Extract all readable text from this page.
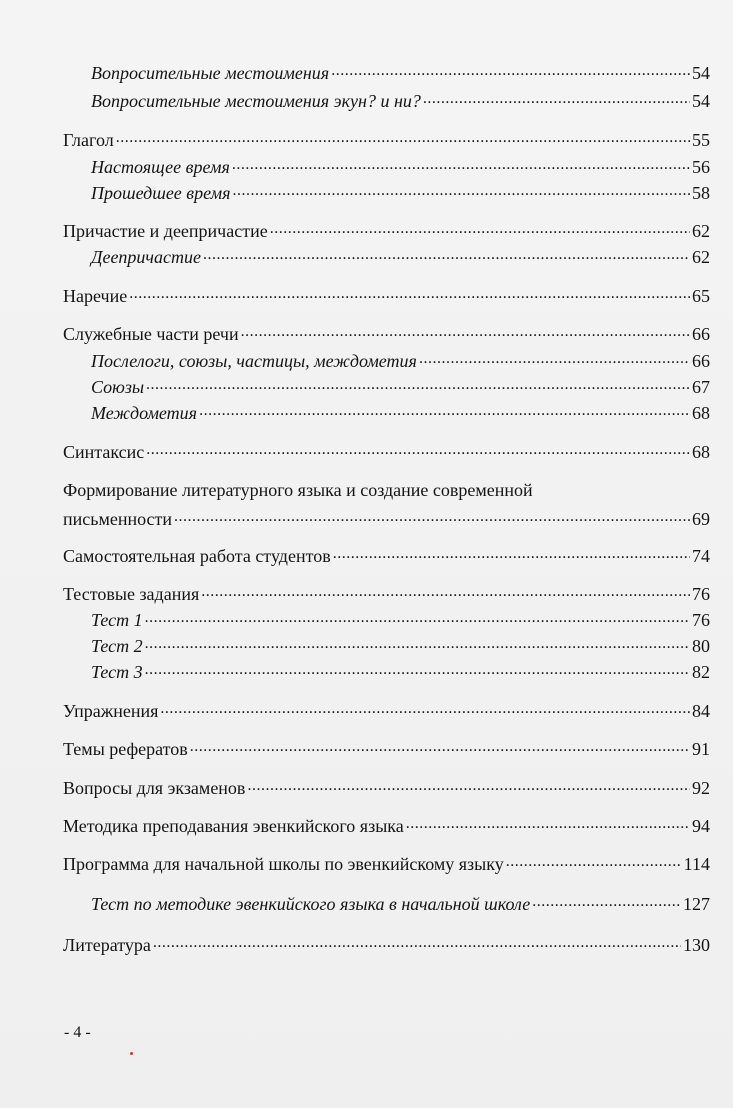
Вопросительные местоимения .....	54
Вопросительные местоимения экун? и ни? .....	54
Глагол .....	55
Настоящее время .....	56
Прошедшее время .....	58
Причастие и деепричастие .....	62
Деепричастие .....	62
Наречие .....	65
Служебные части речи .....	66
Послелоги, союзы, частицы, междометия .....	66
Союзы .....	67
Междометия .....	68
Синтаксис .....	68
Формирование литературного языка и создание современной
письменности .....	69
Самостоятельная работа студентов .....	74
Тестовые задания .....	76
Тест 1 .....	76
Тест 2 .....	80
Тест 3 .....	82
Упражнения .....	84
Темы рефератов .....	91
Вопросы для экзаменов .....	92
Методика преподавания эвенкийского языка .....	94
Программа для начальной школы по эвенкийскому языку .....	114
Тест по методике эвенкийского языка в начальной школе .....	127
Литература .....	130
- 4 -
